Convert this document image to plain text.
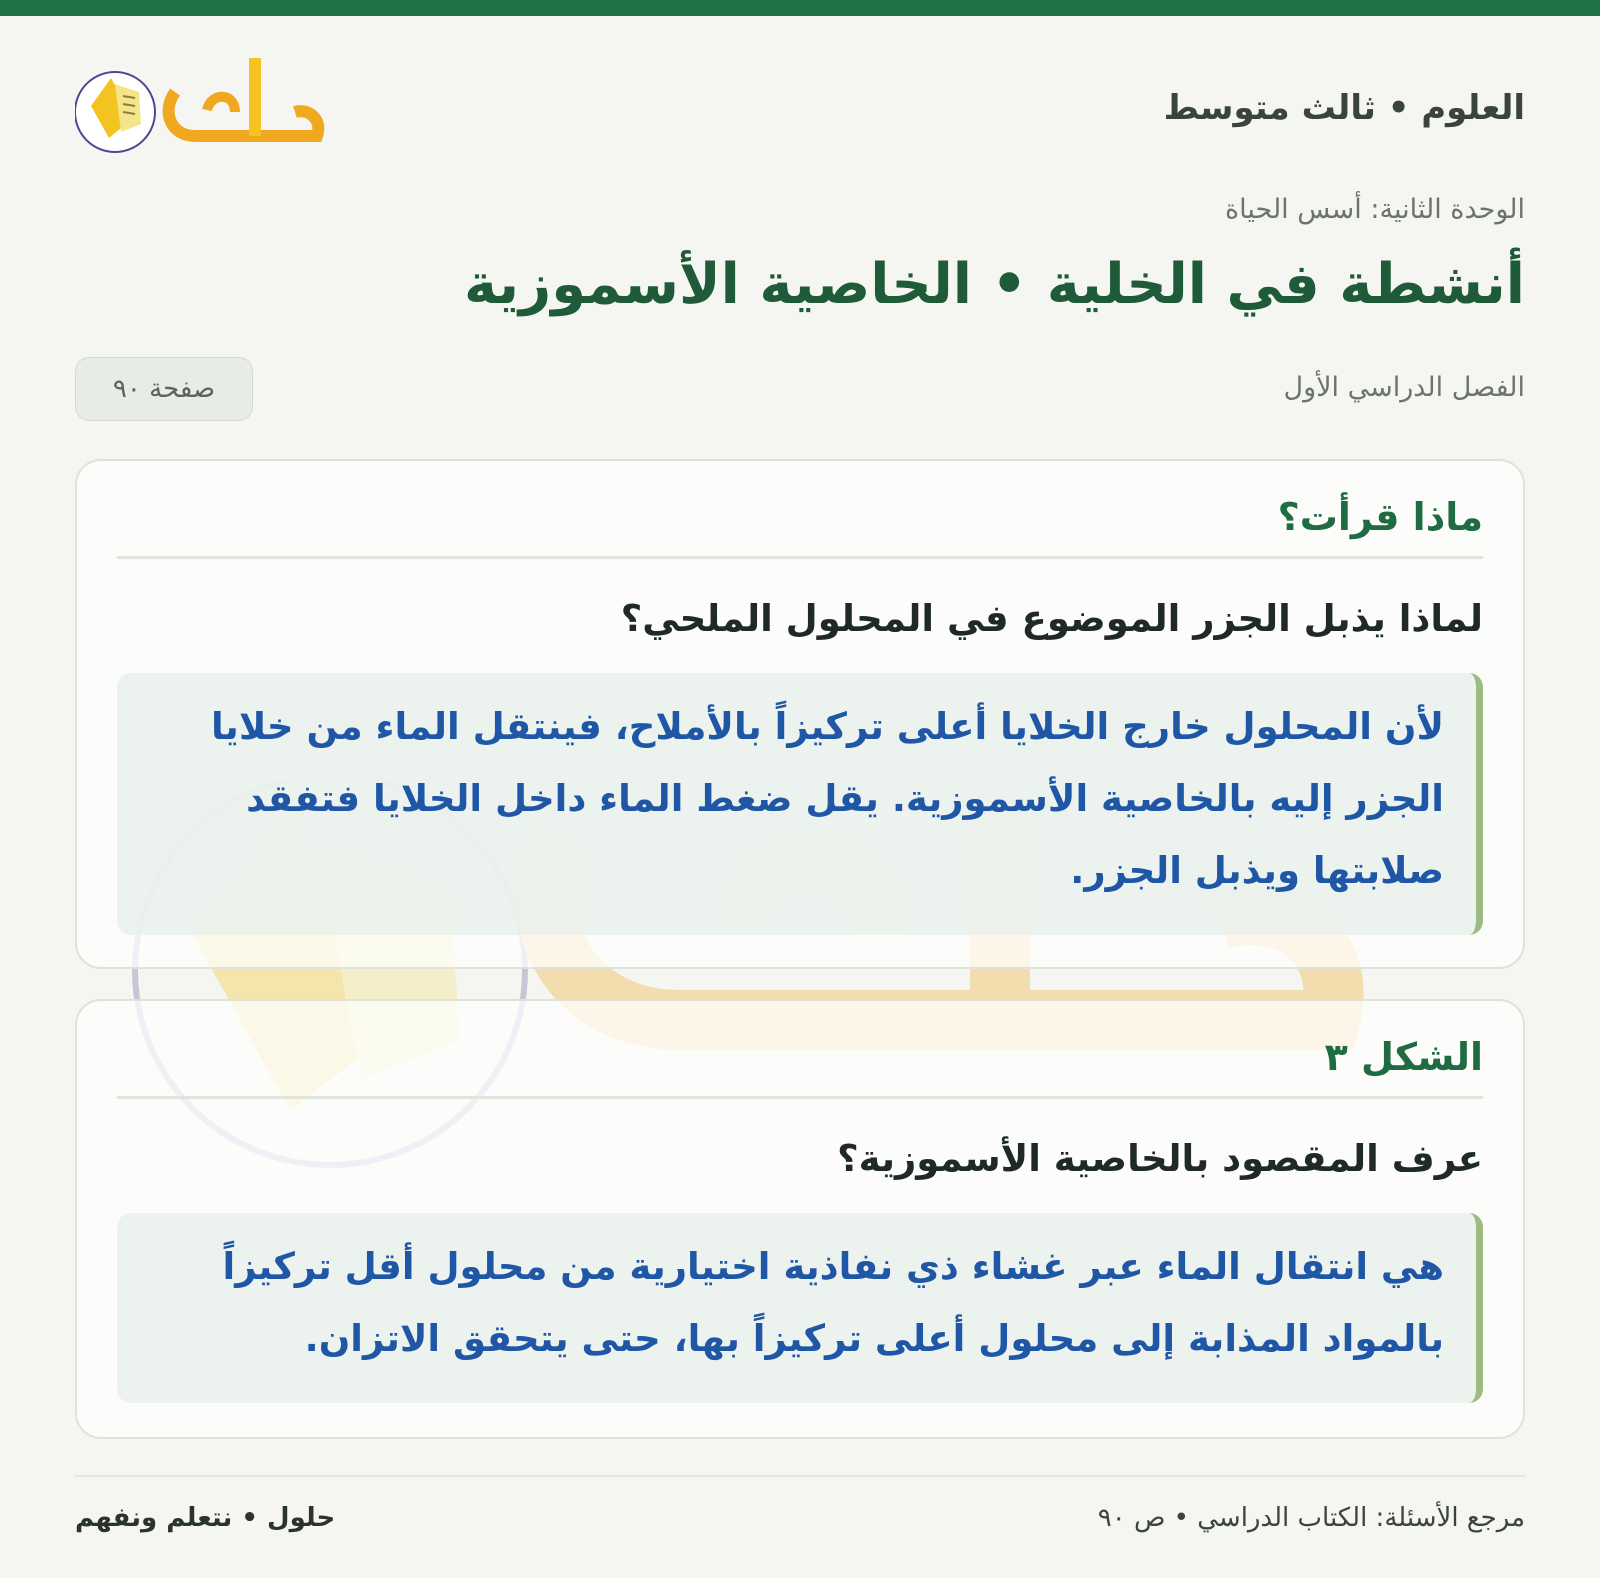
العلوم • ثالث متوسط
الوحدة الثانية: أسس الحياة
أنشطة في الخلية • الخاصية الأسموزية
الفصل الدراسي الأول
صفحة ٩٠
ماذا قرأت؟
لماذا يذبل الجزر الموضوع في المحلول الملحي؟
لأن المحلول خارج الخلايا أعلى تركيزاً بالأملاح، فينتقل الماء من خلايا الجزر إليه بالخاصية الأسموزية. يقل ضغط الماء داخل الخلايا فتفقد صلابتها ويذبل الجزر.
الشكل ٣
عرف المقصود بالخاصية الأسموزية؟
هي انتقال الماء عبر غشاء ذي نفاذية اختيارية من محلول أقل تركيزاً بالمواد المذابة إلى محلول أعلى تركيزاً بها، حتى يتحقق الاتزان.
مرجع الأسئلة: الكتاب الدراسي • ص ٩٠
حلول • نتعلم ونفهم
